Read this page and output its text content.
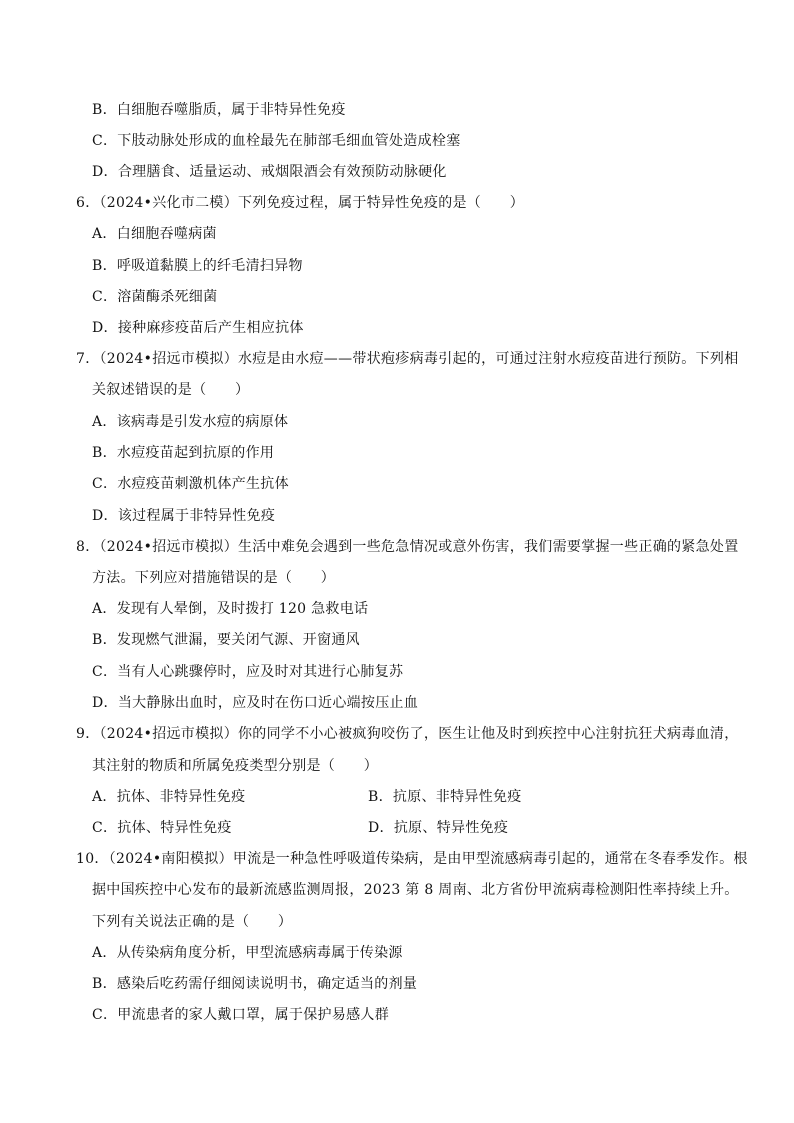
B．白细胞吞噬脂质，属于非特异性免疫
C．下肢动脉处形成的血栓最先在肺部毛细血管处造成栓塞
D．合理膳食、适量运动、戒烟限酒会有效预防动脉硬化
6．（2024•兴化市二模）下列免疫过程，属于特异性免疫的是（　　）
A．白细胞吞噬病菌
B．呼吸道黏膜上的纤毛清扫异物
C．溶菌酶杀死细菌
D．接种麻疹疫苗后产生相应抗体
7．（2024•招远市模拟）水痘是由水痘——带状疱疹病毒引起的，可通过注射水痘疫苗进行预防。下列相
关叙述错误的是（　　）
A．该病毒是引发水痘的病原体
B．水痘疫苗起到抗原的作用
C．水痘疫苗刺激机体产生抗体
D．该过程属于非特异性免疫
8．（2024•招远市模拟）生活中难免会遇到一些危急情况或意外伤害，我们需要掌握一些正确的紧急处置
方法。下列应对措施错误的是（　　）
A．发现有人晕倒，及时拨打 120 急救电话
B．发现燃气泄漏，要关闭气源、开窗通风
C．当有人心跳骤停时，应及时对其进行心肺复苏
D．当大静脉出血时，应及时在伤口近心端按压止血
9．（2024•招远市模拟）你的同学不小心被疯狗咬伤了，医生让他及时到疾控中心注射抗狂犬病毒血清，
其注射的物质和所属免疫类型分别是（　　）
A．抗体、非特异性免疫	B．抗原、非特异性免疫
C．抗体、特异性免疫	D．抗原、特异性免疫
10．（2024•南阳模拟）甲流是一种急性呼吸道传染病，是由甲型流感病毒引起的，通常在冬春季发作。根
据中国疾控中心发布的最新流感监测周报，2023 第 8 周南、北方省份甲流病毒检测阳性率持续上升。
下列有关说法正确的是（　　）
A．从传染病角度分析，甲型流感病毒属于传染源
B．感染后吃药需仔细阅读说明书，确定适当的剂量
C．甲流患者的家人戴口罩，属于保护易感人群
